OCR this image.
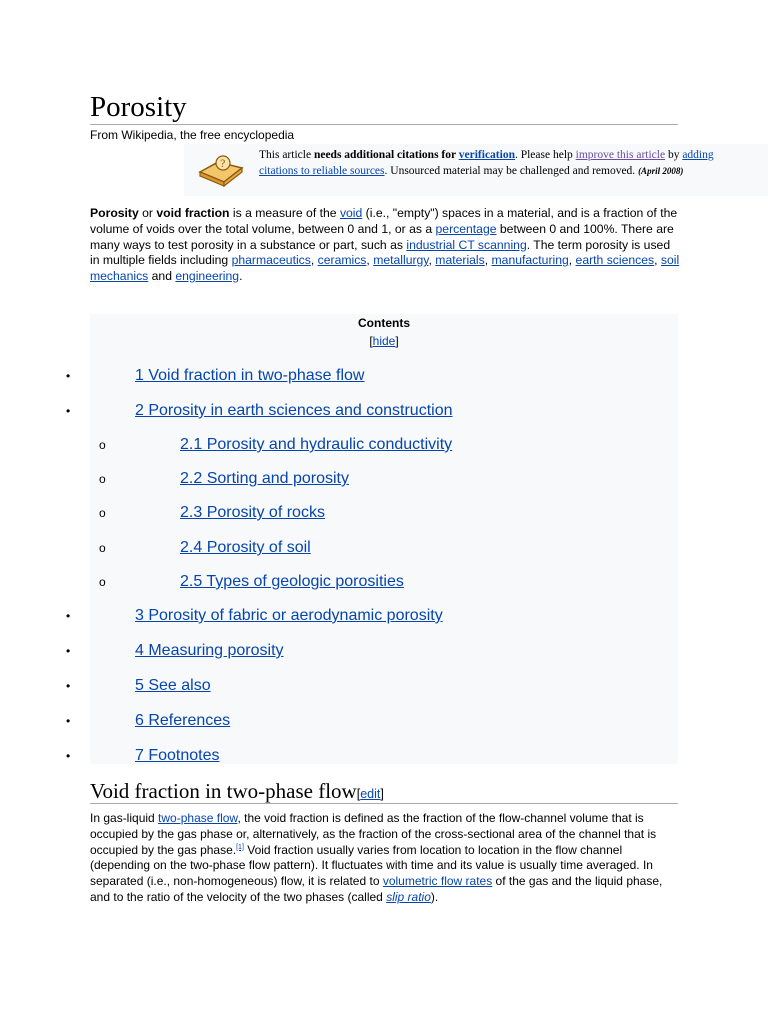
Porosity
From Wikipedia, the free encyclopedia
?
This article needs additional citations for verification. Please help improve this article by adding citations to reliable sources. Unsourced material may be challenged and removed. (April 2008)
Porosity or void fraction is a measure of the void (i.e., "empty") spaces in a material, and is a fraction of the volume of voids over the total volume, between 0 and 1, or as a percentage between 0 and 100%. There are many ways to test porosity in a substance or part, such as industrial CT scanning. The term porosity is used in multiple fields including pharmaceutics, ceramics, metallurgy, materials, manufacturing, earth sciences, soil mechanics and engineering.
Contents
[hide]
•	1 Void fraction in two-phase flow
•	2 Porosity in earth sciences and construction
o	2.1 Porosity and hydraulic conductivity
o	2.2 Sorting and porosity
o	2.3 Porosity of rocks
o	2.4 Porosity of soil
o	2.5 Types of geologic porosities
•	3 Porosity of fabric or aerodynamic porosity
•	4 Measuring porosity
•	5 See also
•	6 References
•	7 Footnotes
Void fraction in two-phase flow[edit]
In gas-liquid two-phase flow, the void fraction is defined as the fraction of the flow-channel volume that is occupied by the gas phase or, alternatively, as the fraction of the cross-sectional area of the channel that is occupied by the gas phase.[1] Void fraction usually varies from location to location in the flow channel (depending on the two-phase flow pattern). It fluctuates with time and its value is usually time averaged. In separated (i.e., non-homogeneous) flow, it is related to volumetric flow rates of the gas and the liquid phase, and to the ratio of the velocity of the two phases (called slip ratio).
